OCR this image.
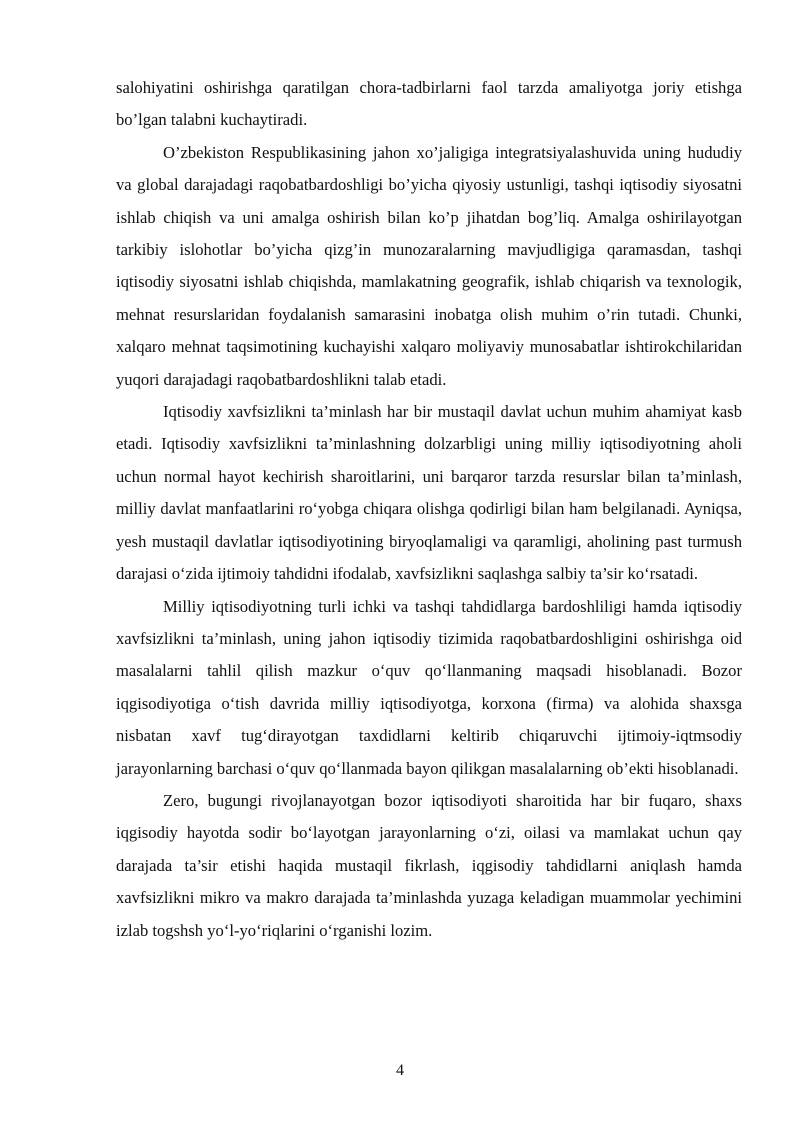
salohiyatini oshirishga qaratilgan chora-tadbirlarni faol tarzda amaliyotga joriy etishga bo’lgan talabni kuchaytiradi.

O’zbekiston Respublikasining jahon xo’jaligiga integratsiyalashuvida uning hududiy va global darajadagi raqobatbardoshligi bo’yicha qiyosiy ustunligi, tashqi iqtisodiy siyosatni ishlab chiqish va uni amalga oshirish bilan ko’p jihatdan bog’liq. Amalga oshirilayotgan tarkibiy islohotlar bo’yicha qizg’in munozaralarning mavjudligiga qaramasdan, tashqi iqtisodiy siyosatni ishlab chiqishda, mamlakatning geografik, ishlab chiqarish va texnologik, mehnat resurslaridan foydalanish samarasini inobatga olish muhim o’rin tutadi. Chunki, xalqaro mehnat taqsimotining kuchayishi xalqaro moliyaviy munosabatlar ishtirokchilaridan yuqori darajadagi raqobatbardoshlikni talab etadi.

Iqtisodiy xavfsizlikni ta’minlash har bir mustaqil davlat uchun muhim ahamiyat kasb etadi. Iqtisodiy xavfsizlikni ta’minlashning dolzarbligi uning milliy iqtisodiyotning aholi uchun normal hayot kechirish sharoitlarini, uni barqaror tarzda resurslar bilan ta’minlash, milliy davlat manfaatlarini ro‘yobga chiqara olishga qodirligi bilan ham belgilanadi. Ayniqsa, yesh mustaqil davlatlar iqtisodiyotining biryoqlamaligi va qaramligi, aholining past turmush darajasi o‘zida ijtimoiy tahdidni ifodalab, xavfsizlikni saqlashga salbiy ta’sir ko‘rsatadi.

Milliy iqtisodiyotning turli ichki va tashqi tahdidlarga bardoshliligi hamda iqtisodiy xavfsizlikni ta’minlash, uning jahon iqtisodiy tizimida raqobatbardoshligini oshirishga oid masalalarni tahlil qilish mazkur o‘quv qo‘llanmaning maqsadi hisoblanadi. Bozor iqgisodiyotiga o‘tish davrida milliy iqtisodiyotga, korxona (firma) va alohida shaxsga nisbatan xavf tug‘dirayotgan taxdidlarni keltirib chiqaruvchi ijtimoiy-iqtmsodiy jarayonlarning barchasi o‘quv qo‘llanmada bayon qilikgan masalalarning ob’ekti hisoblanadi.

Zero, bugungi rivojlanayotgan bozor iqtisodiyoti sharoitida har bir fuqaro, shaxs iqgisodiy hayotda sodir bo‘layotgan jarayonlarning o‘zi, oilasi va mamlakat uchun qay darajada ta’sir etishi haqida mustaqil fikrlash, iqgisodiy tahdidlarni aniqlash hamda xavfsizlikni mikro va makro darajada ta’minlashda yuzaga keladigan muammolar yechimini izlab togshsh yo‘l-yo‘riqlarini o‘rganishi lozim.

4
